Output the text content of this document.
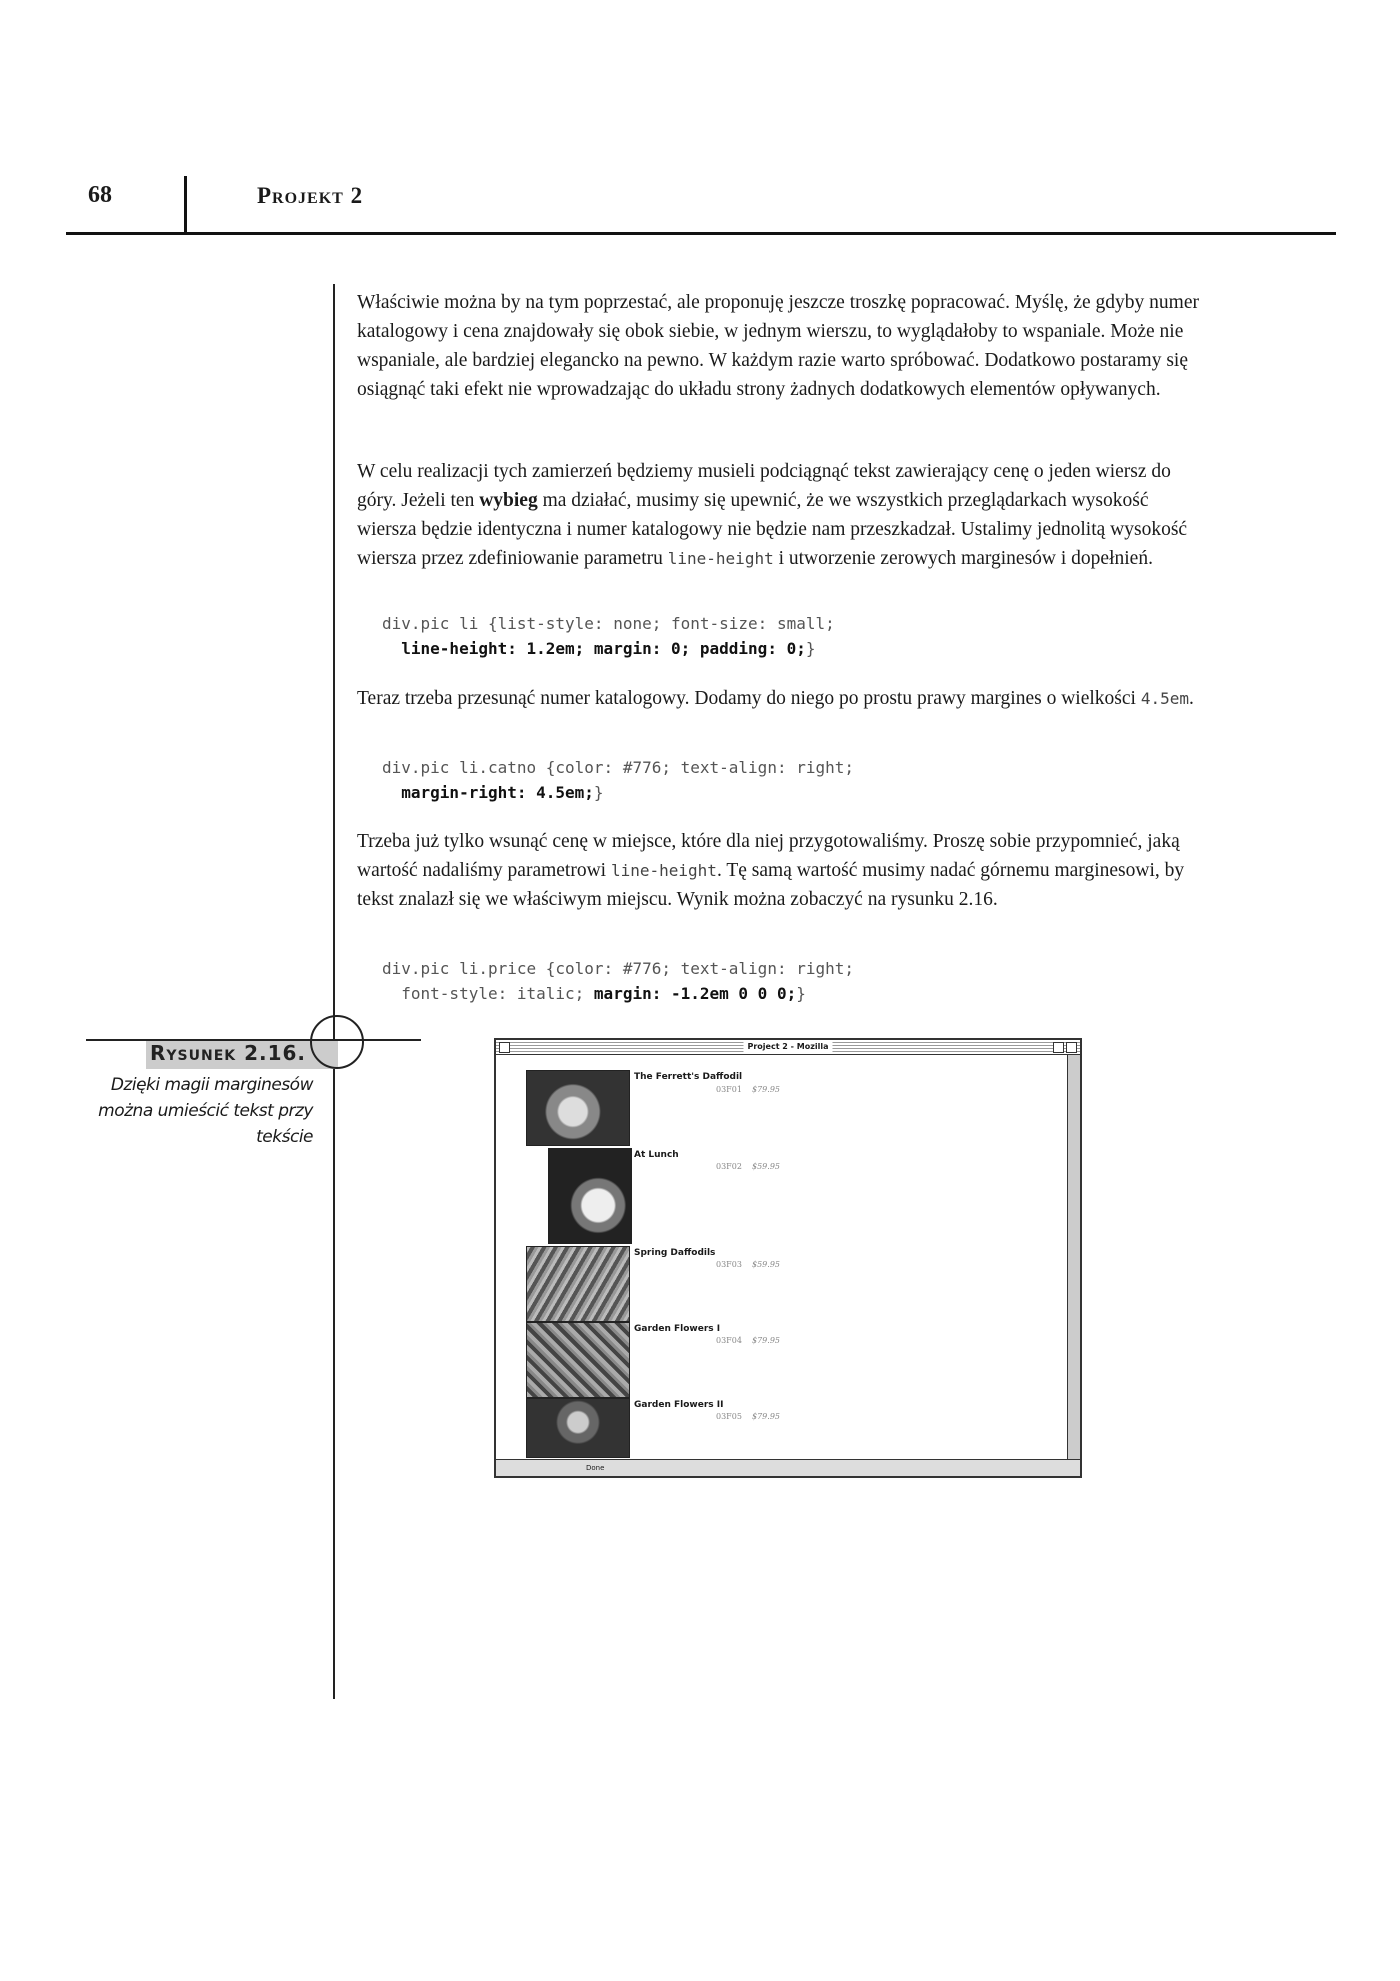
68	Projekt 2

Właściwie można by na tym poprzestać, ale proponuję jeszcze troszkę popracować. Myślę, że gdyby numer katalogowy i cena znajdowały się obok siebie, w jednym wierszu, to wyglądałoby to wspaniale. Może nie wspaniale, ale bardziej elegancko na pewno. W każdym razie warto spróbować. Dodatkowo postaramy się osiągnąć taki efekt nie wprowadzając do układu strony żadnych dodatkowych elementów opływanych.

W celu realizacji tych zamierzeń będziemy musieli podciągnąć tekst zawierający cenę o jeden wiersz do góry. Jeżeli ten wybieg ma działać, musimy się upewnić, że we wszystkich przeglądarkach wysokość wiersza będzie identyczna i numer katalogowy nie będzie nam przeszkadzał. Ustalimy jednolitą wysokość wiersza przez zdefiniowanie parametru line-height i utworzenie zerowych marginesów i dopełnień.

div.pic li {list-style: none; font-size: small;
line-height: 1.2em; margin: 0; padding: 0;}

Teraz trzeba przesunąć numer katalogowy. Dodamy do niego po prostu prawy margines o wielkości 4.5em.

div.pic li.catno {color: #776; text-align: right;
margin-right: 4.5em;}

Trzeba już tylko wsunąć cenę w miejsce, które dla niej przygotowaliśmy. Proszę sobie przypomnieć, jaką wartość nadaliśmy parametrowi line-height. Tę samą wartość musimy nadać górnemu marginesowi, by tekst znalazł się we właściwym miejscu. Wynik można zobaczyć na rysunku 2.16.

div.pic li.price {color: #776; text-align: right;
font-style: italic; margin: -1.2em 0 0 0;}
Rysunek 2.16.
Dzięki magii marginesów można umieścić tekst przy tekście
Project 2 - Mozilla
The Ferrett's Daffodil
03F01 $79.95
At Lunch
03F02 $59.95
Spring Daffodils
03F03 $59.95
Garden Flowers I
03F04 $79.95
Garden Flowers II
03F05 $79.95
Done
